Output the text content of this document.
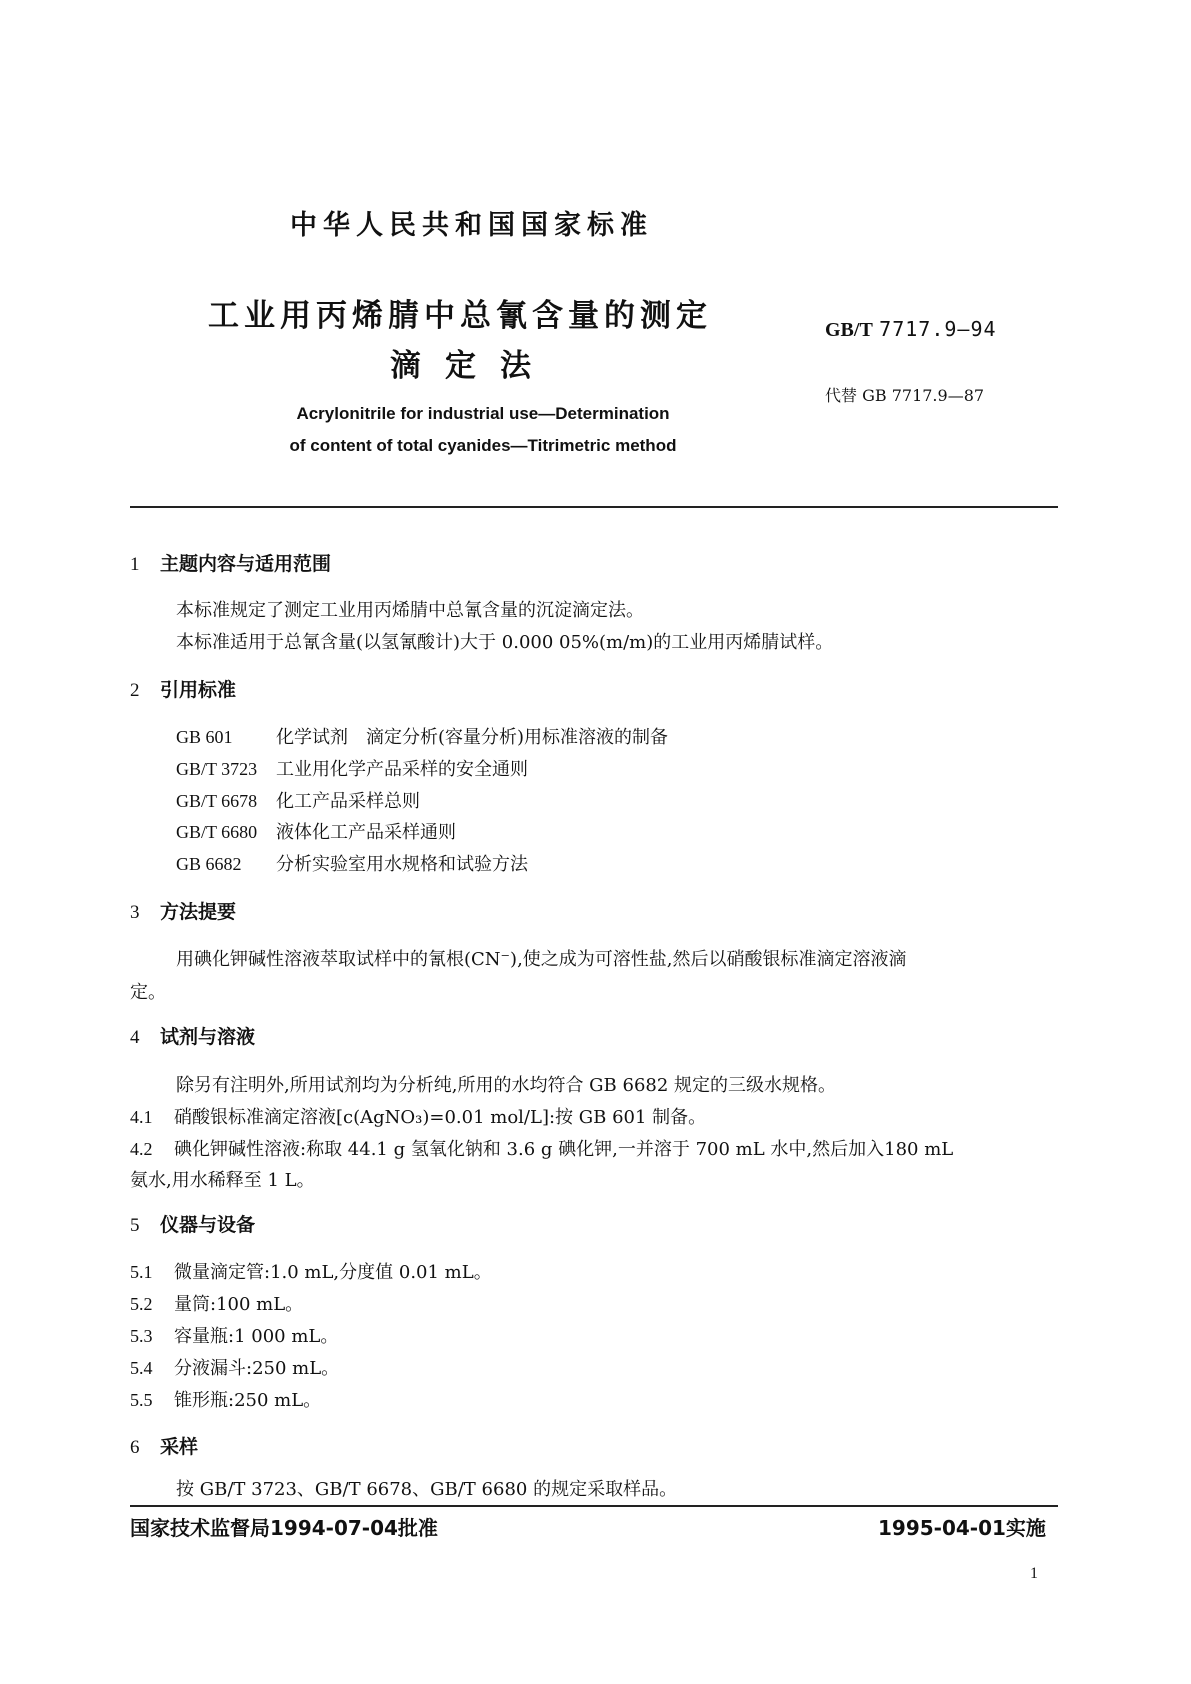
中华人民共和国国家标准
工业用丙烯腈中总氰含量的测定
滴定法
GB/T 7717.9—94
代替 GB 7717.9—87
Acrylonitrile for industrial use—Determination
of content of total cyanides—Titrimetric method
1 主题内容与适用范围
本标准规定了测定工业用丙烯腈中总氰含量的沉淀滴定法。
本标准适用于总氰含量(以氢氰酸计)大于 0.000 05%(m/m)的工业用丙烯腈试样。
2 引用标准
GB 601 化学试剂　滴定分析(容量分析)用标准溶液的制备
GB/T 3723 工业用化学产品采样的安全通则
GB/T 6678 化工产品采样总则
GB/T 6680 液体化工产品采样通则
GB 6682 分析实验室用水规格和试验方法
3 方法提要
用碘化钾碱性溶液萃取试样中的氰根(CN⁻),使之成为可溶性盐,然后以硝酸银标准滴定溶液滴
定。
4 试剂与溶液
除另有注明外,所用试剂均为分析纯,所用的水均符合 GB 6682 规定的三级水规格。
4.1 硝酸银标准滴定溶液[c(AgNO₃)=0.01 mol/L]:按 GB 601 制备。
4.2 碘化钾碱性溶液:称取 44.1 g 氢氧化钠和 3.6 g 碘化钾,一并溶于 700 mL 水中,然后加入180 mL
氨水,用水稀释至 1 L。
5 仪器与设备
5.1 微量滴定管:1.0 mL,分度值 0.01 mL。
5.2 量筒:100 mL。
5.3 容量瓶:1 000 mL。
5.4 分液漏斗:250 mL。
5.5 锥形瓶:250 mL。
6 采样
按 GB/T 3723、GB/T 6678、GB/T 6680 的规定采取样品。
国家技术监督局1994-07-04批准	1995-04-01实施
1
